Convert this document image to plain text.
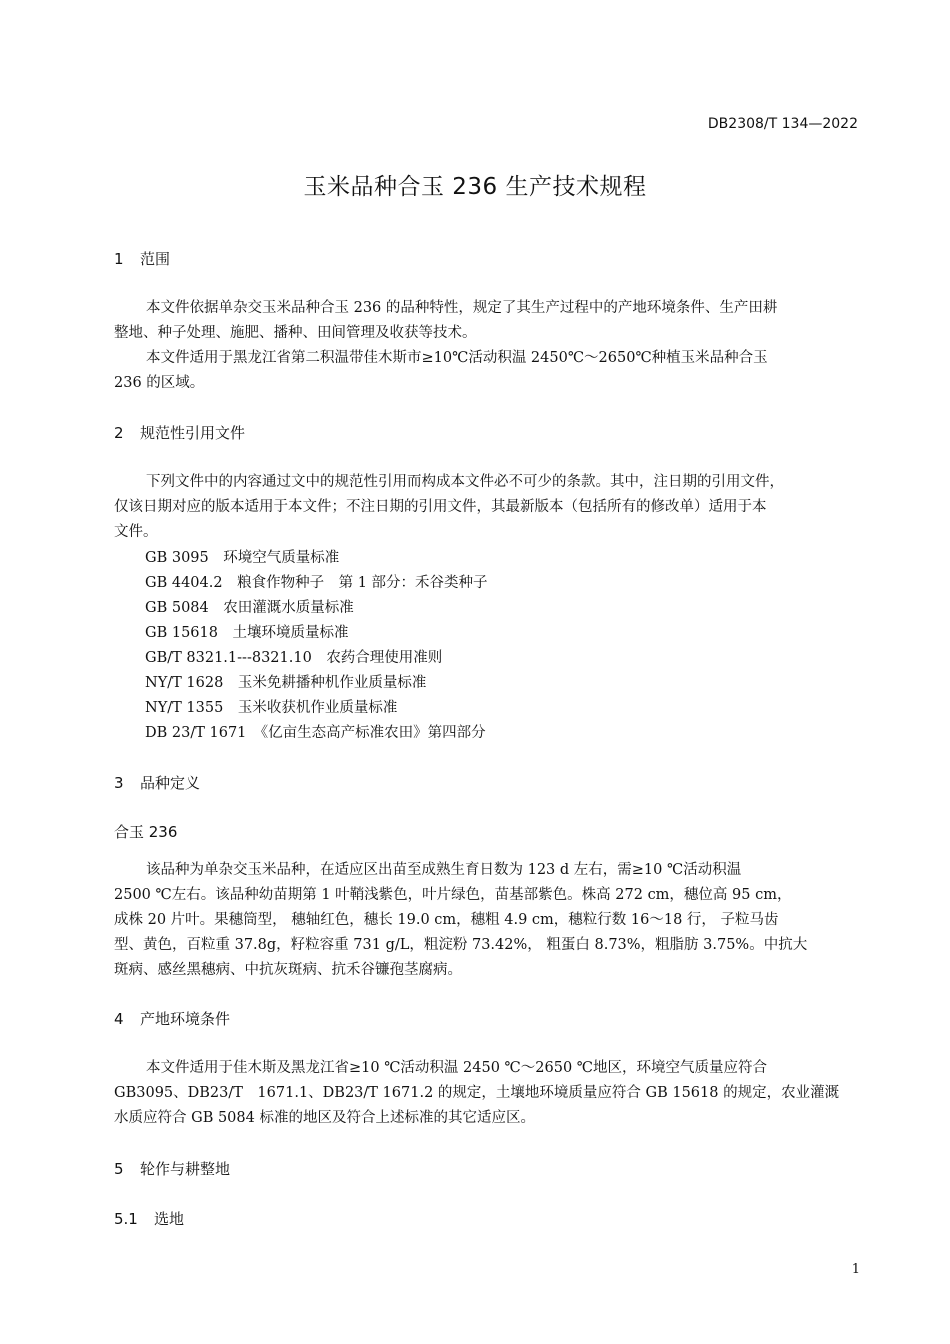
DB2308/T 134—2022
玉米品种合玉 236 生产技术规程
1 范围
本文件依据单杂交玉米品种合玉 236 的品种特性，规定了其生产过程中的产地环境条件、生产田耕
整地、种子处理、施肥、播种、田间管理及收获等技术。
本文件适用于黑龙江省第二积温带佳木斯市≥10℃活动积温 2450℃～2650℃种植玉米品种合玉
236 的区域。
2 规范性引用文件
下列文件中的内容通过文中的规范性引用而构成本文件必不可少的条款。其中，注日期的引用文件，
仅该日期对应的版本适用于本文件；不注日期的引用文件，其最新版本（包括所有的修改单）适用于本
文件。
GB 3095　 环境空气质量标准
GB 4404.2　 粮食作物种子　第 1 部分：禾谷类种子
GB 5084　 农田灌溉水质量标准
GB 15618　 土壤环境质量标准
GB/T 8321.1---8321.10　 农药合理使用准则
NY/T 1628　 玉米免耕播种机作业质量标准
NY/T 1355　 玉米收获机作业质量标准
DB 23/T 1671　 《亿亩生态高产标准农田》第四部分
3 品种定义
合玉 236
该品种为单杂交玉米品种，在适应区出苗至成熟生育日数为 123 d 左右，需≥10 ℃活动积温
2500 ℃左右。该品种幼苗期第 1 叶鞘浅紫色，叶片绿色，苗基部紫色。株高 272 cm，穗位高 95 cm，
成株 20 片叶。果穗筒型， 穗轴红色，穗长 19.0 cm，穗粗 4.9 cm，穗粒行数 16～18 行， 子粒马齿
型、黄色，百粒重 37.8g，籽粒容重 731 g/L，粗淀粉 73.42%， 粗蛋白 8.73%，粗脂肪 3.75%。中抗大
斑病、感丝黑穗病、中抗灰斑病、抗禾谷镰孢茎腐病。
4 产地环境条件
本文件适用于佳木斯及黑龙江省≥10 ℃活动积温 2450 ℃～2650 ℃地区，环境空气质量应符合
GB3095、DB23/T　1671.1、DB23/T 1671.2 的规定，土壤地环境质量应符合 GB 15618 的规定，农业灌溉
水质应符合 GB 5084 标准的地区及符合上述标准的其它适应区。
5 轮作与耕整地
5.1 选地
1
